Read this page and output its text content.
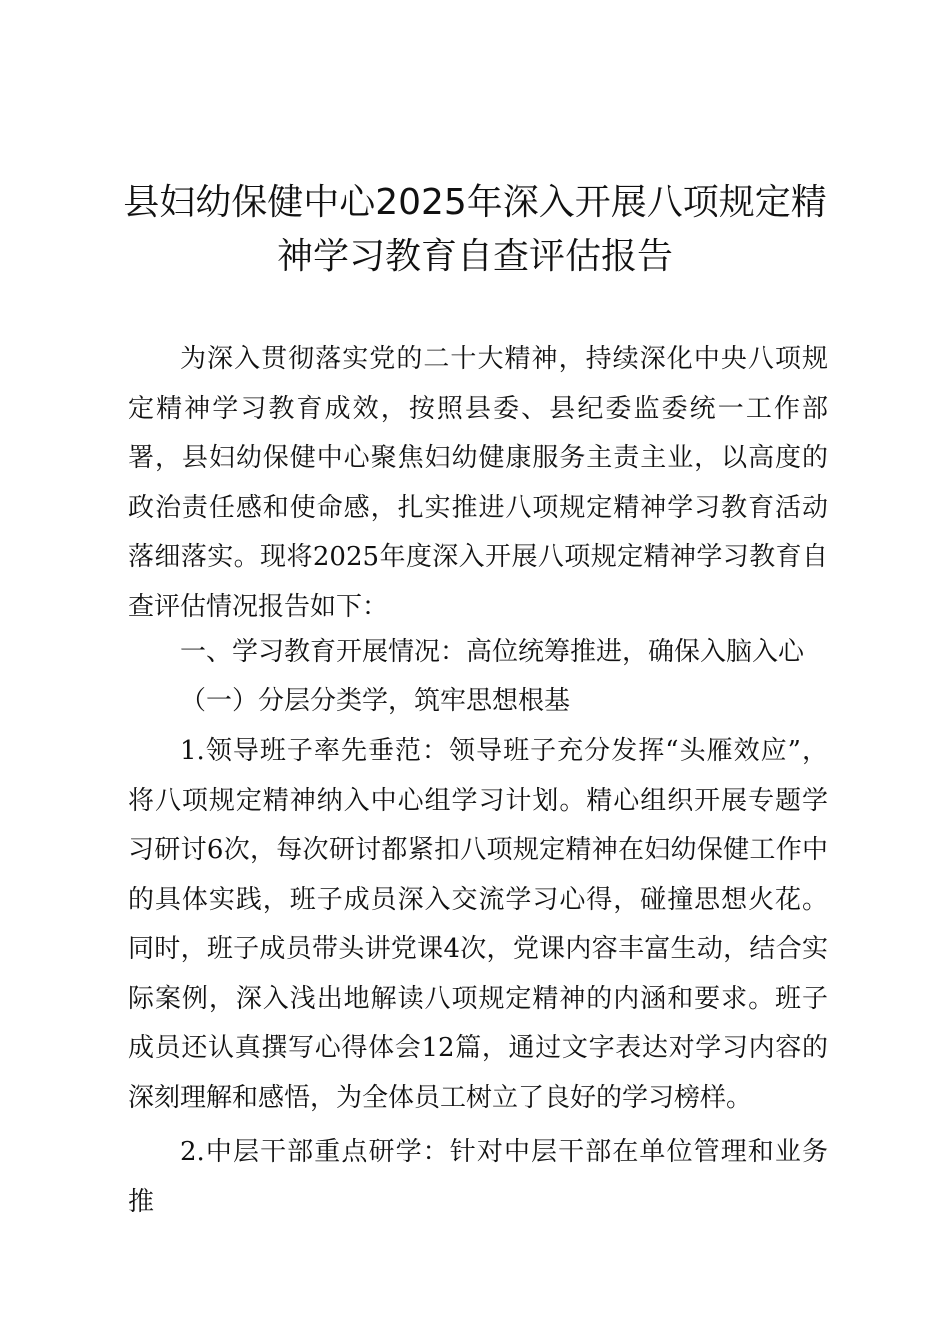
县妇幼保健中心2025年深入开展八项规定精
神学习教育自查评估报告

为深入贯彻落实党的二十大精神，持续深化中央八项规定精神学习教育成效，按照县委、县纪委监委统一工作部署，县妇幼保健中心聚焦妇幼健康服务主责主业，以高度的政治责任感和使命感，扎实推进八项规定精神学习教育活动落细落实。现将2025年度深入开展八项规定精神学习教育自查评估情况报告如下：

一、学习教育开展情况：高位统筹推进，确保入脑入心

（一）分层分类学，筑牢思想根基

1.领导班子率先垂范：领导班子充分发挥“头雁效应”，将八项规定精神纳入中心组学习计划。精心组织开展专题学习研讨6次，每次研讨都紧扣八项规定精神在妇幼保健工作中的具体实践，班子成员深入交流学习心得，碰撞思想火花。同时，班子成员带头讲党课4次，党课内容丰富生动，结合实际案例，深入浅出地解读八项规定精神的内涵和要求。班子成员还认真撰写心得体会12篇，通过文字表达对学习内容的深刻理解和感悟，为全体员工树立了良好的学习榜样。

2.中层干部重点研学：针对中层干部在单位管理和业务推
